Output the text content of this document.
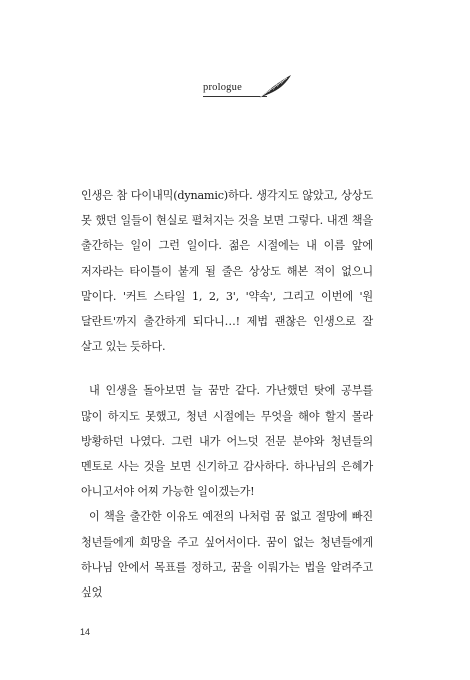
prologue

인생은 참 다이내믹(dynamic)하다. 생각지도 않았고, 상상도 못 했던 일들이 현실로 펼쳐지는 것을 보면 그렇다. 내겐 책을 출간하는 일이 그런 일이다. 젊은 시절에는 내 이름 앞에 저자라는 타이틀이 붙게 될 줄은 상상도 해본 적이 없으니 말이다. '커트 스타일 1, 2, 3', '약속', 그리고 이번에 '원 달란트'까지 출간하게 되다니…! 제법 괜찮은 인생으로 잘 살고 있는 듯하다.

내 인생을 돌아보면 늘 꿈만 같다. 가난했던 탓에 공부를 많이 하지도 못했고, 청년 시절에는 무엇을 해야 할지 몰라 방황하던 나였다. 그런 내가 어느덧 전문 분야와 청년들의 멘토로 사는 것을 보면 신기하고 감사하다. 하나님의 은혜가 아니고서야 어찌 가능한 일이겠는가!

이 책을 출간한 이유도 예전의 나처럼 꿈 없고 절망에 빠진 청년들에게 희망을 주고 싶어서이다. 꿈이 없는 청년들에게 하나님 안에서 목표를 정하고, 꿈을 이뤄가는 법을 알려주고 싶었

14
